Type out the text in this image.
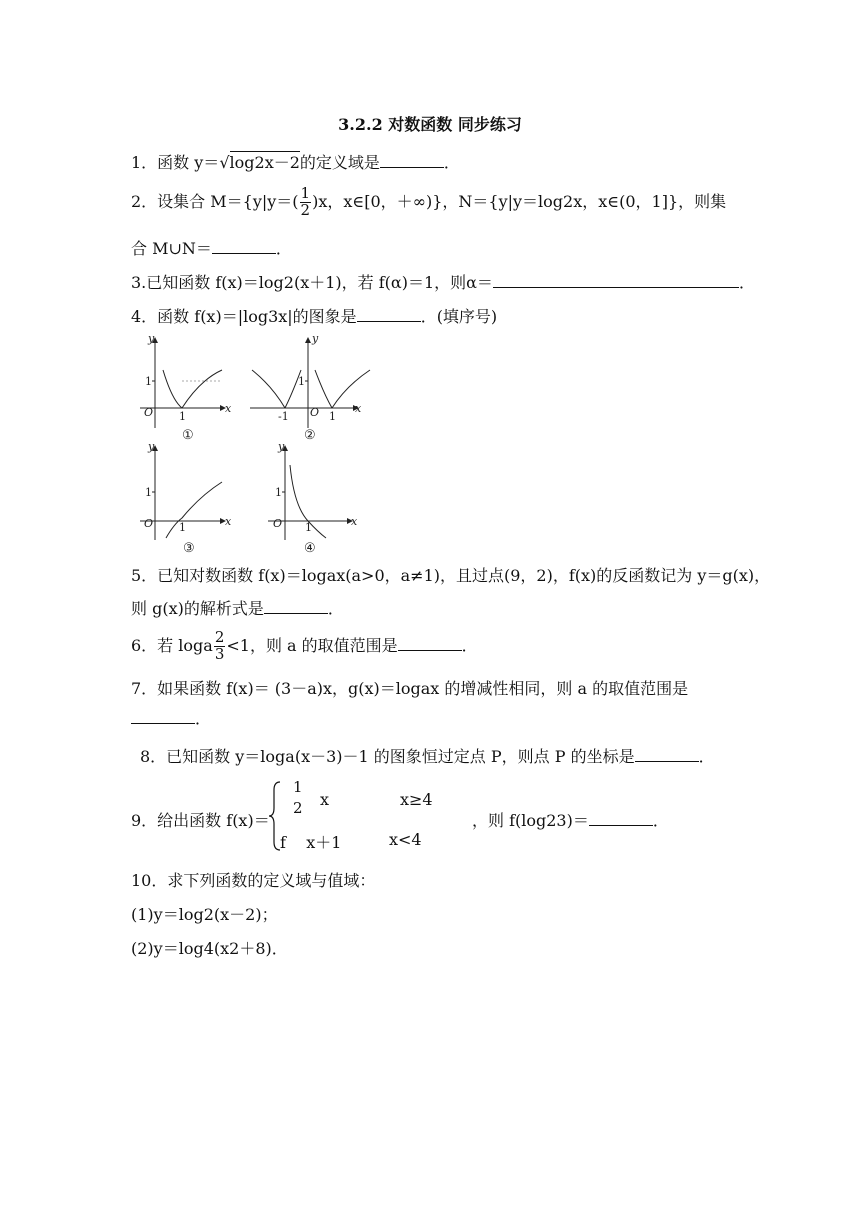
3.2.2 对数函数 同步练习
1．函数 y＝√log2x－2的定义域是	．
2．设集合 $M=\{y|y=( \frac{1}{2} )x$，x∈[0，＋∞)}，N＝{y|y＝log2x，x∈(0，1]}，则集
合 M∪N＝	．
3.已知函数 f(x)＝log2(x＋1)，若 f(α)＝1，则α＝	．
4．函数 f(x)＝|log3x|的图象是	．(填序号)
y
x
O
1
1
①
y
x
O
1
-1	1
②
y
x
O
1
1
③
y
x
O
1
1
④
5．已知对数函数 f(x)＝logax(a>0，a≠1)，且过点(9，2)，f(x)的反函数记为 y＝g(x)，
则 g(x)的解析式是	．
6．若 loga $\frac{2}{3} <1$，则 a 的取值范围是	．
7．如果函数 f(x)＝ (3－a)x，g(x)＝logax 的增减性相同，则 a 的取值范围是
．
8．已知函数 y＝loga(x－3)－1 的图象恒过定点 P，则点 P 的坐标是	．
9．给出函数 f(x)＝
1
2 x	x≥4
f    x＋1	x<4
，则 f(log23)＝	．
10．求下列函数的定义域与值域：
(1)y＝log2(x－2)；
(2)y＝log4(x2＋8)．
